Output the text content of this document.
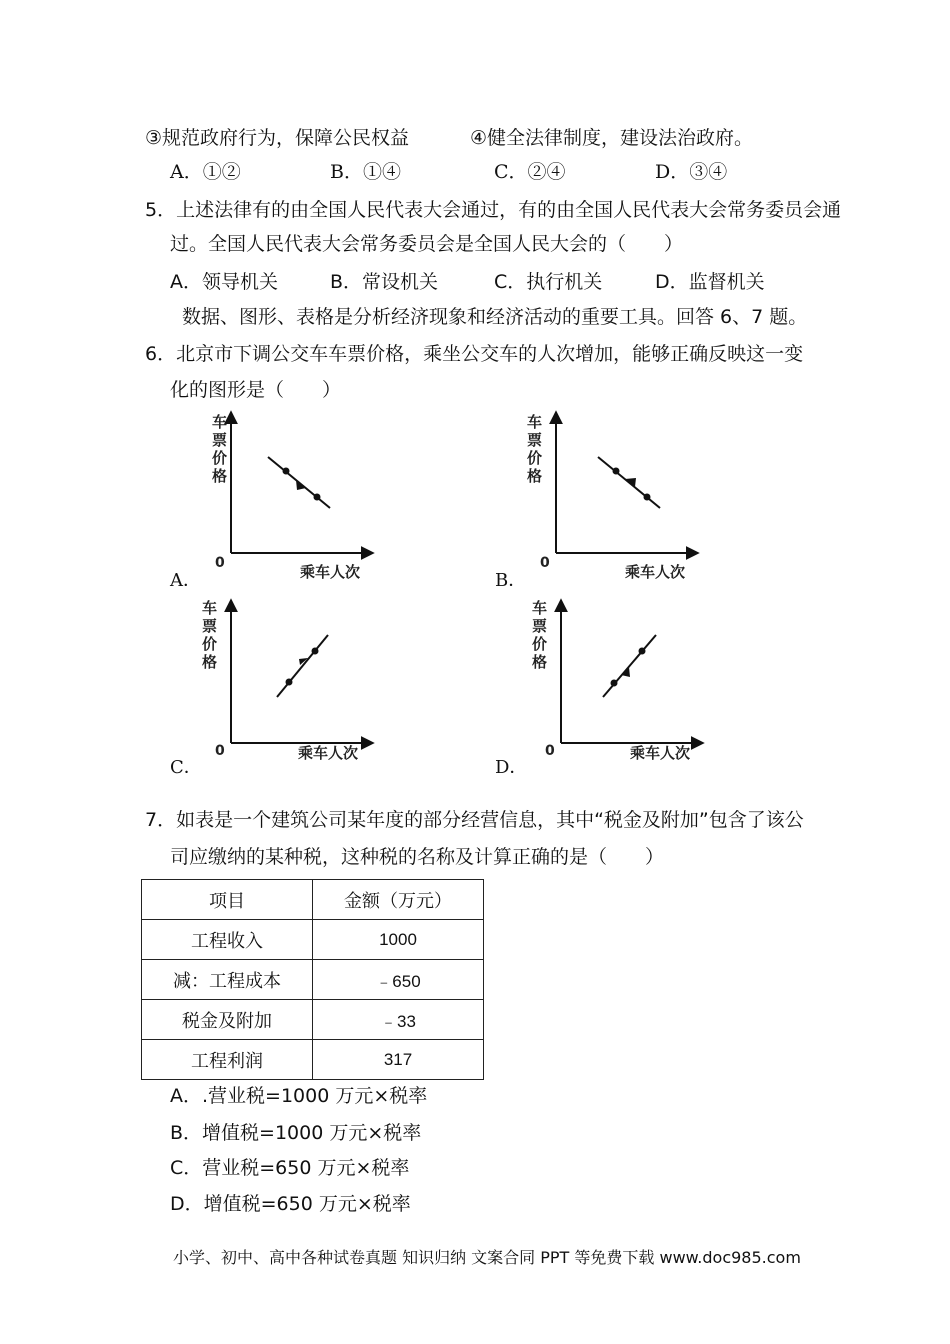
③规范政府行为，保障公民权益	④健全法律制度，建设法治政府。
A．①②	B．①④	C．②④	D．③④
5．上述法律有的由全国人民代表大会通过，有的由全国人民代表大会常务委员会通
过。全国人民代表大会常务委员会是全国人民大会的（　　）
A．领导机关	B．常设机关	C．执行机关	D．监督机关
数据、图形、表格是分析经济现象和经济活动的重要工具。回答 6、7 题。
6．北京市下调公交车车票价格，乘坐公交车的人次增加，能够正确反映这一变
化的图形是（　　）
车
票
价
格
0	乘车人次
A．
车
票
价
格
0	乘车人次
B．
车
票
价
格
0	乘车人次
C．
车
票
价
格
0	乘车人次
D．
7．如表是一个建筑公司某年度的部分经营信息，其中“税金及附加”包含了该公
司应缴纳的某种税，这种税的名称及计算正确的是（　　）
项目	金额（万元）
工程收入	1000
减：工程成本	﹣650
税金及附加	﹣33
工程利润	317
A．.营业税=1000 万元×税率
B．增值税=1000 万元×税率
C．营业税=650 万元×税率
D．增值税=650 万元×税率
小学、初中、高中各种试卷真题 知识归纳 文案合同 PPT 等免费下载 www.doc985.com
